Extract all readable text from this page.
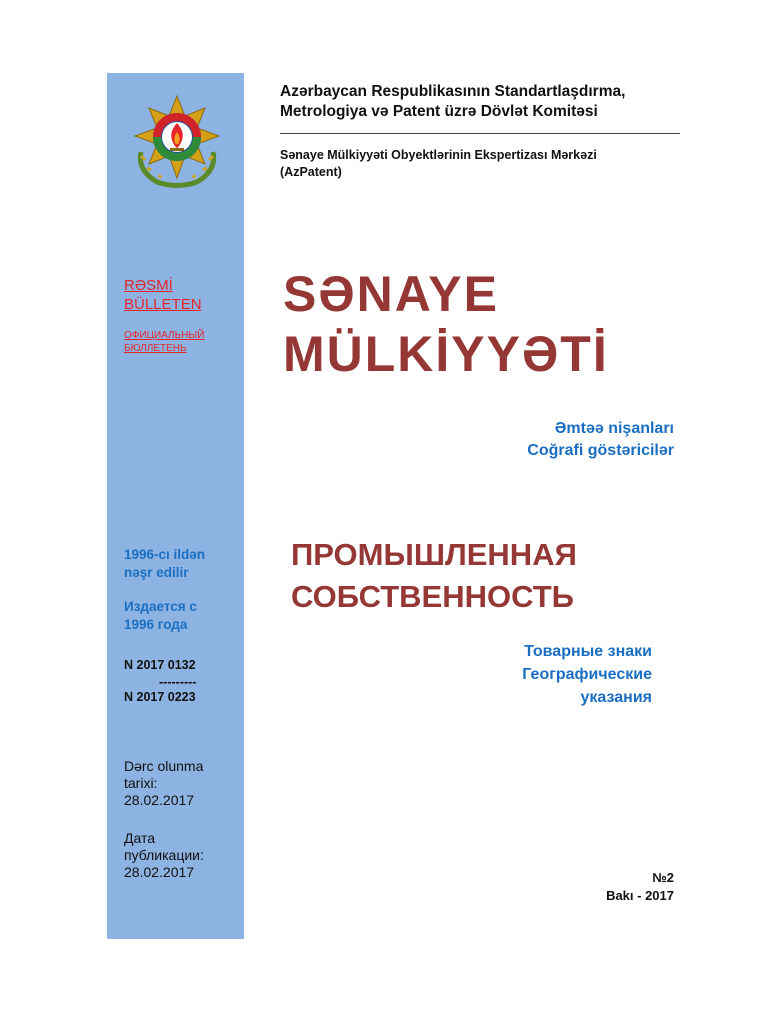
RƏSMİ
BÜLLETEN

ОФИЦИАЛЬНЫЙ
БЮЛЛЕТЕНЬ

1996-cı ildən
nəşr edilir

Издается с
1996 года

N 2017 0132

---------

N 2017 0223

Dərc olunma
tarixi:
28.02.2017

Дата
публикации:
28.02.2017

Azərbaycan Respublikasının Standartlaşdırma,
Metrologiya və Patent üzrə Dövlət Komitəsi

Sənaye Mülkiyyəti Obyektlərinin Ekspertizası Mərkəzi
(AzPatent)

SƏNAYE
MÜLKİYYƏTİ

Əmtəə nişanları
Coğrafi göstəricilər

ПРОМЫШЛЕННАЯ
СОБСТВЕННОСТЬ

Товарные знаки
Географические
указания

№2
Bakı - 2017
